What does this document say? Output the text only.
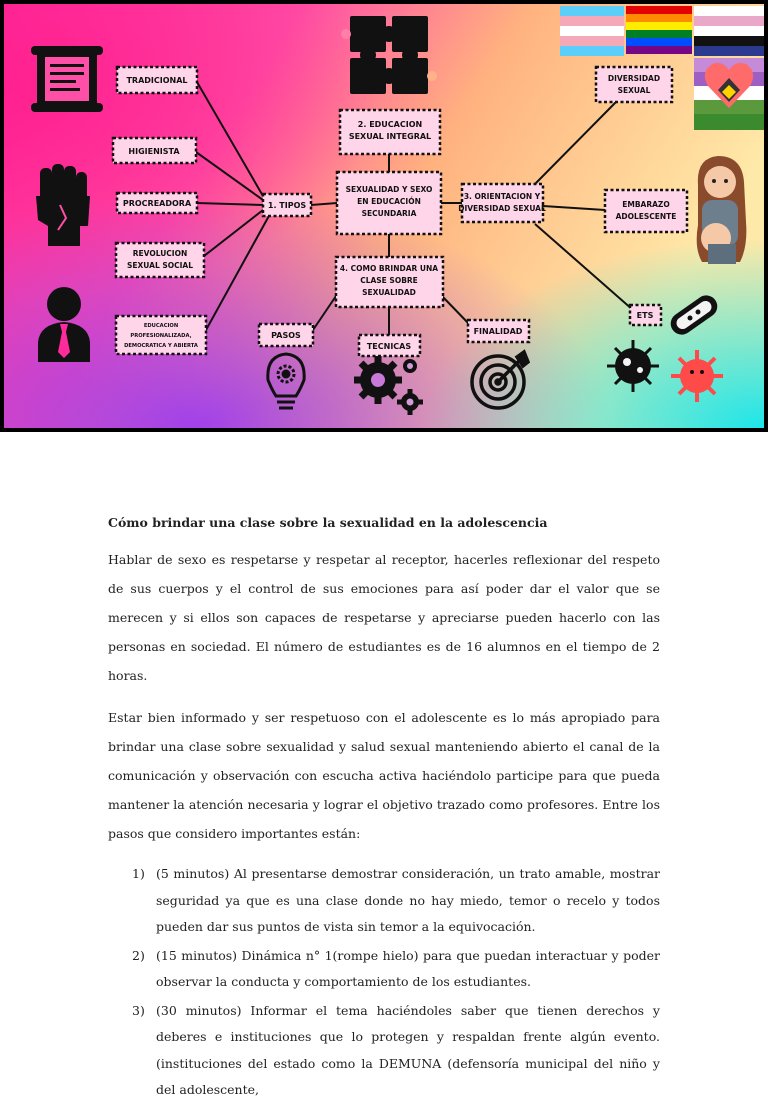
SEXUALIDAD Y SEXO EN EDUCACIÓN SECUNDARIA
2. EDUCACION SEXUAL INTEGRAL
1. TIPOS
3. ORIENTACION Y DIVERSIDAD SEXUAL
4. COMO BRINDAR UNA CLASE SOBRE SEXUALIDAD
TRADICIONAL
HIGIENISTA
PROCREADORA
REVOLUCION SEXUAL SOCIAL
EDUCACION PROFESIONALIZADA, DEMOCRATICA Y ABIERTA
DIVERSIDAD SEXUAL
EMBARAZO ADOLESCENTE
ETS
PASOS
TECNICAS
FINALIDAD
Cómo brindar una clase sobre la sexualidad en la adolescencia

Hablar de sexo es respetarse y respetar al receptor, hacerles reflexionar del respeto de sus cuerpos y el control de sus emociones para así poder dar el valor que se merecen y si ellos son capaces de respetarse y apreciarse pueden hacerlo con las personas en sociedad. El número de estudiantes es de 16 alumnos en el tiempo de 2 horas.

Estar bien informado y ser respetuoso con el adolescente es lo más apropiado para brindar una clase sobre sexualidad y salud sexual manteniendo abierto el canal de la comunicación y observación con escucha activa haciéndolo participe para que pueda mantener la atención necesaria y lograr el objetivo trazado como profesores. Entre los pasos que considero importantes están:

1) (5 minutos) Al presentarse demostrar consideración, un trato amable, mostrar seguridad ya que es una clase donde no hay miedo, temor o recelo y todos pueden dar sus puntos de vista sin temor a la equivocación.
2) (15 minutos) Dinámica n° 1(rompe hielo) para que puedan interactuar y poder observar la conducta y comportamiento de los estudiantes.
3) (30 minutos) Informar el tema haciéndoles saber que tienen derechos y deberes e instituciones que lo protegen y respaldan frente algún evento. (instituciones del estado como la DEMUNA (defensoría municipal del niño y del adolescente,
